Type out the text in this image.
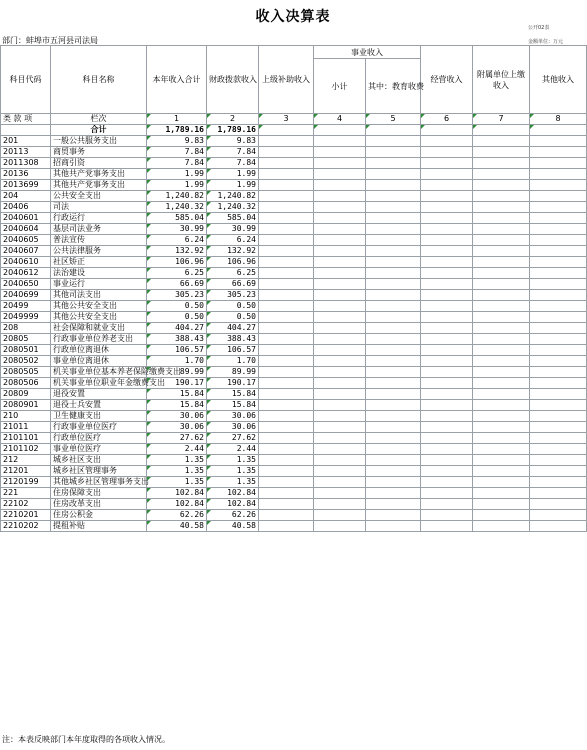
收入决算表
公开02表
金额单位：万元
部门：蚌埠市五河县司法局
科目代码	科目名称	本年收入合计	财政拨款收入	上级补助收入	事业收入		经营收入	附属单位上缴收入	其他收入
					小计	其中：教育收费			
类 款 项	栏次	1	2	3	4	5	6	7	8
	合计	1,789.16	1,789.16						
201	一般公共服务支出	9.83	9.83						
20113	商贸事务	7.84	7.84						
2011308	招商引资	7.84	7.84						
20136	其他共产党事务支出	1.99	1.99						
2013699	其他共产党事务支出	1.99	1.99						
204	公共安全支出	1,240.82	1,240.82						
20406	司法	1,240.32	1,240.32						
2040601	行政运行	585.04	585.04						
2040604	基层司法业务	30.99	30.99						
2040605	普法宣传	6.24	6.24						
2040607	公共法律服务	132.92	132.92						
2040610	社区矫正	106.96	106.96						
2040612	法治建设	6.25	6.25						
2040650	事业运行	66.69	66.69						
2040699	其他司法支出	305.23	305.23						
20499	其他公共安全支出	0.50	0.50						
2049999	其他公共安全支出	0.50	0.50						
208	社会保障和就业支出	404.27	404.27						
20805	行政事业单位养老支出	388.43	388.43						
2080501	行政单位离退休	106.57	106.57						
2080502	事业单位离退休	1.70	1.70						
2080505	机关事业单位基本养老保险缴费支出	89.99	89.99						
2080506	机关事业单位职业年金缴费支出	190.17	190.17						
20809	退役安置	15.84	15.84						
2080901	退役士兵安置	15.84	15.84						
210	卫生健康支出	30.06	30.06						
21011	行政事业单位医疗	30.06	30.06						
2101101	行政单位医疗	27.62	27.62						
2101102	事业单位医疗	2.44	2.44						
212	城乡社区支出	1.35	1.35						
21201	城乡社区管理事务	1.35	1.35						
2120199	其他城乡社区管理事务支出	1.35	1.35						
221	住房保障支出	102.84	102.84						
22102	住房改革支出	102.84	102.84						
2210201	住房公积金	62.26	62.26						
2210202	提租补贴	40.58	40.58						
注：本表反映部门本年度取得的各项收入情况。
